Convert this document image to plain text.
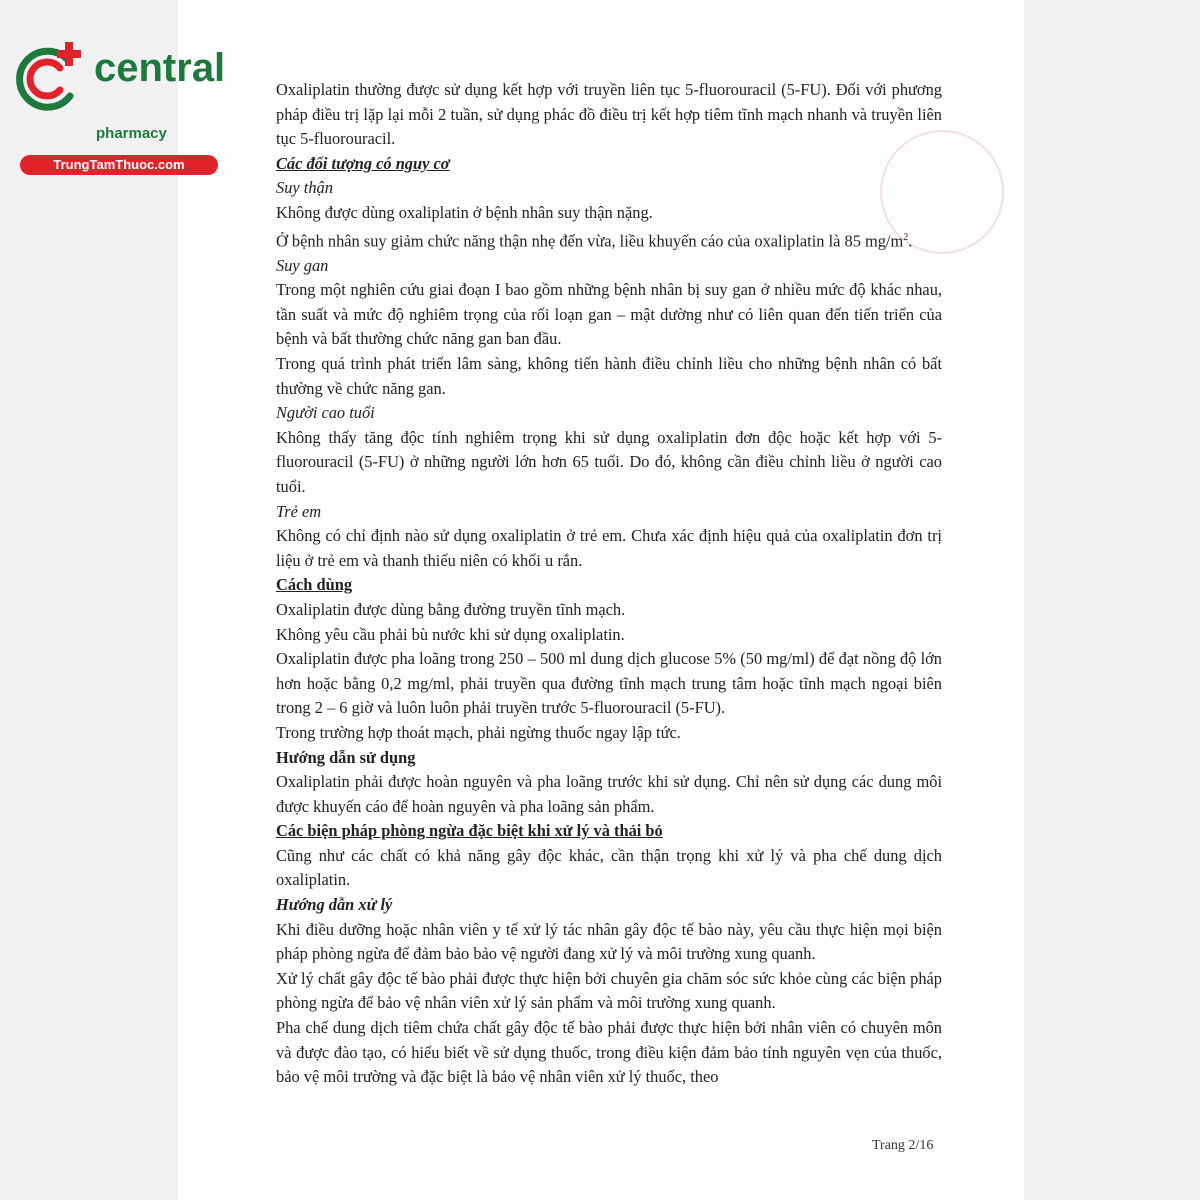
central
pharmacy
TrungTamThuoc.com

Oxaliplatin thường được sử dụng kết hợp với truyền liên tục 5-fluorouracil (5-FU). Đối với phương pháp điều trị lặp lại mỗi 2 tuần, sử dụng phác đồ điều trị kết hợp tiêm tĩnh mạch nhanh và truyền liên tục 5-fluorouracil.

Các đối tượng có nguy cơ

Suy thận

Không được dùng oxaliplatin ở bệnh nhân suy thận nặng.

Ở bệnh nhân suy giảm chức năng thận nhẹ đến vừa, liều khuyến cáo của oxaliplatin là 85 $mg/m^2$.

Suy gan

Trong một nghiên cứu giai đoạn I bao gồm những bệnh nhân bị suy gan ở nhiều mức độ khác nhau, tần suất và mức độ nghiêm trọng của rối loạn gan – mật dường như có liên quan đến tiến triển của bệnh và bất thường chức năng gan ban đầu.

Trong quá trình phát triển lâm sàng, không tiến hành điều chỉnh liều cho những bệnh nhân có bất thường về chức năng gan.

Người cao tuổi

Không thấy tăng độc tính nghiêm trọng khi sử dụng oxaliplatin đơn độc hoặc kết hợp với 5-fluorouracil (5-FU) ở những người lớn hơn 65 tuổi. Do đó, không cần điều chỉnh liều ở người cao tuổi.

Trẻ em

Không có chỉ định nào sử dụng oxaliplatin ở trẻ em. Chưa xác định hiệu quả của oxaliplatin đơn trị liệu ở trẻ em và thanh thiếu niên có khối u rắn.

Cách dùng

Oxaliplatin được dùng bằng đường truyền tĩnh mạch.

Không yêu cầu phải bù nước khi sử dụng oxaliplatin.

Oxaliplatin được pha loãng trong 250 – 500 ml dung dịch glucose 5% (50 mg/ml) để đạt nồng độ lớn hơn hoặc bằng 0,2 mg/ml, phải truyền qua đường tĩnh mạch trung tâm hoặc tĩnh mạch ngoại biên trong 2 – 6 giờ và luôn luôn phải truyền trước 5-fluorouracil (5-FU).

Trong trường hợp thoát mạch, phải ngừng thuốc ngay lập tức.

Hướng dẫn sử dụng

Oxaliplatin phải được hoàn nguyên và pha loãng trước khi sử dụng. Chỉ nên sử dụng các dung môi được khuyến cáo để hoàn nguyên và pha loãng sản phẩm.

Các biện pháp phòng ngừa đặc biệt khi xử lý và thải bỏ

Cũng như các chất có khả năng gây độc khác, cần thận trọng khi xử lý và pha chế dung dịch oxaliplatin.

Hướng dẫn xử lý

Khi điều dưỡng hoặc nhân viên y tế xử lý tác nhân gây độc tế bào này, yêu cầu thực hiện mọi biện pháp phòng ngừa để đảm bảo bảo vệ người đang xử lý và môi trường xung quanh.

Xử lý chất gây độc tế bào phải được thực hiện bởi chuyên gia chăm sóc sức khỏe cùng các biện pháp phòng ngừa để bảo vệ nhân viên xử lý sản phẩm và môi trường xung quanh.

Pha chế dung dịch tiêm chứa chất gây độc tế bào phải được thực hiện bởi nhân viên có chuyên môn và được đào tạo, có hiểu biết về sử dụng thuốc, trong điều kiện đảm bảo tính nguyên vẹn của thuốc, bảo vệ môi trường và đặc biệt là bảo vệ nhân viên xử lý thuốc, theo

Trang 2/16
